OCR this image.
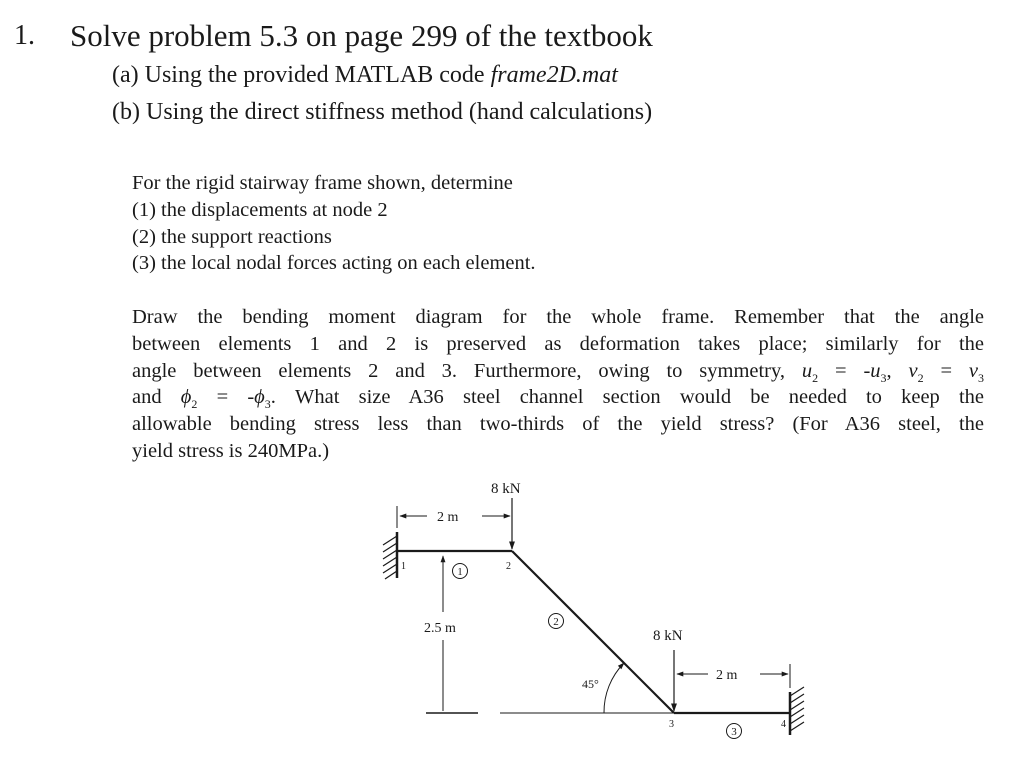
1. Solve problem 5.3 on page 299 of the textbook
(a) Using the provided MATLAB code frame2D.mat
(b) Using the direct stiffness method (hand calculations)
For the rigid stairway frame shown, determine
(1) the displacements at node 2
(2) the support reactions
(3) the local nodal forces acting on each element.
Draw the bending moment diagram for the whole frame. Remember that the angle
between elements 1 and 2 is preserved as deformation takes place; similarly for the
angle between elements 2 and 3. Furthermore, owing to symmetry, $u_2 = -u_3$, $v_2 = v_3$
and $\phi_2 = -\phi_3$. What size A36 steel channel section would be needed to keep the
allowable bending stress less than two-thirds of the yield stress? (For A36 steel, the
yield stress is 240MPa.)
45°
8 kN
8 kN
2 m
2 m
2.5 m
1	2
3	4
1
2
3
